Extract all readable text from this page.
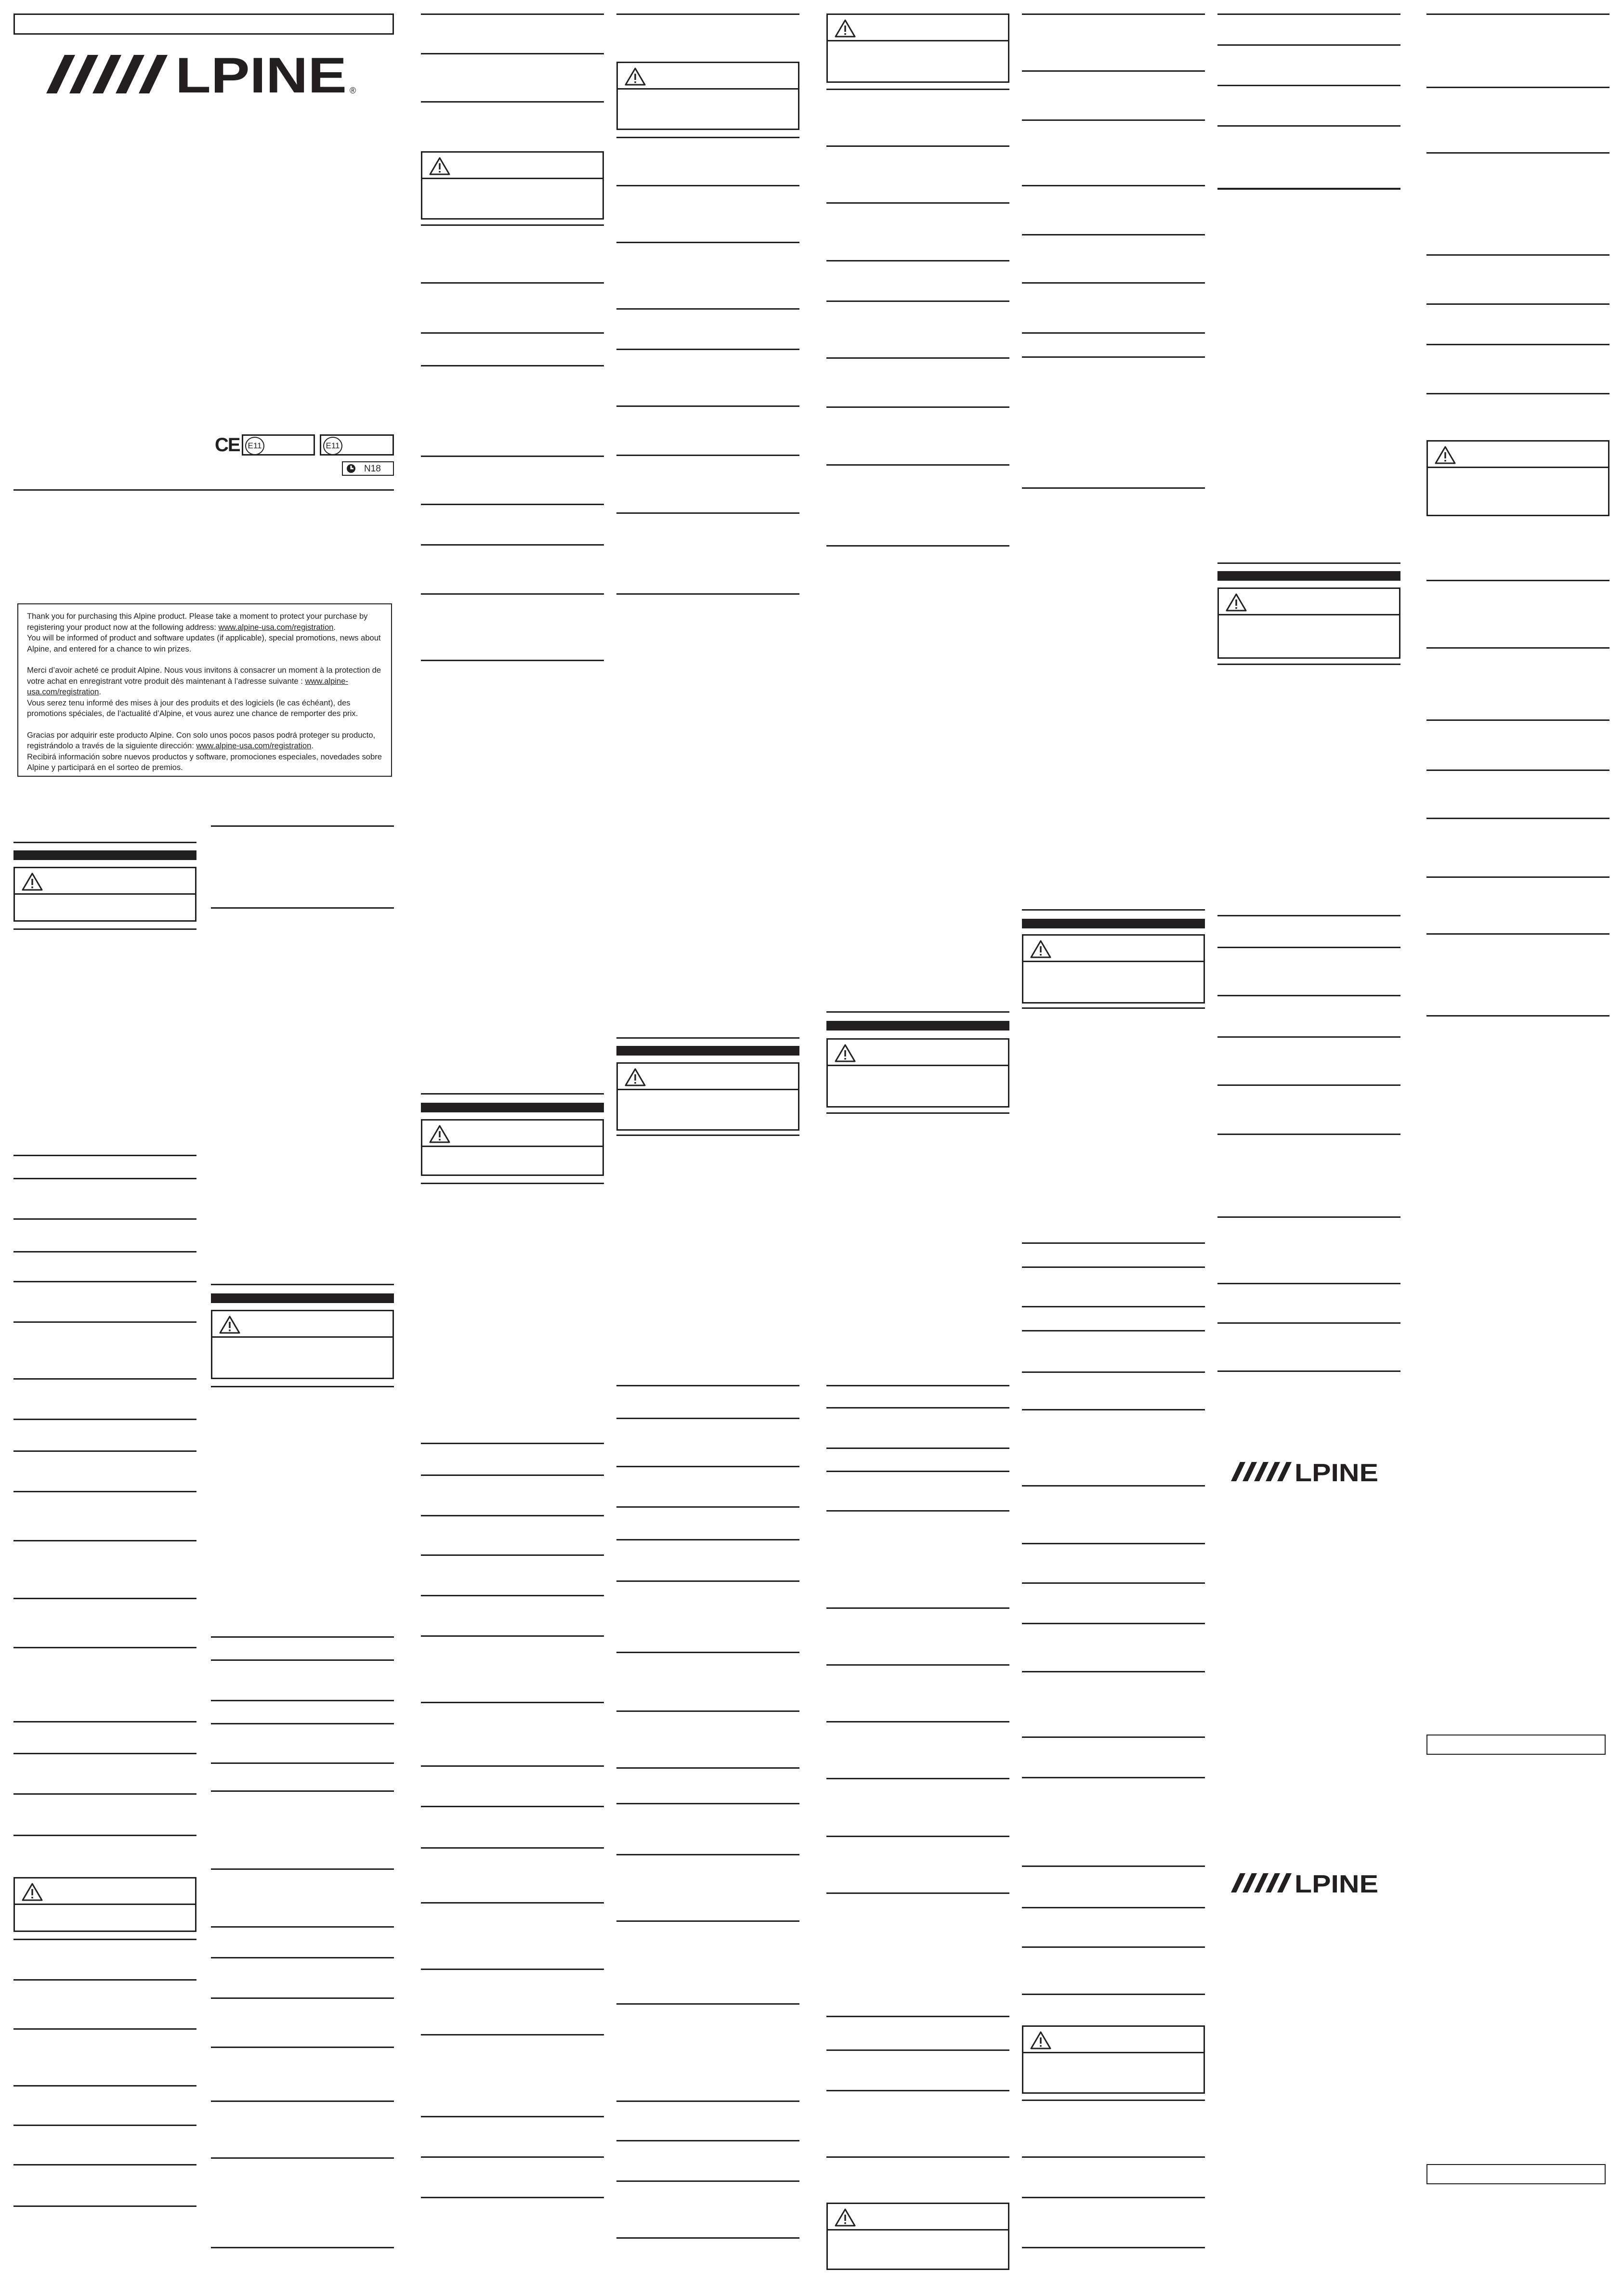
LPINE ®
CE E11	E11
N18

Thank you for purchasing this Alpine product. Please take a moment to protect your purchase by registering your product now at the following address: www.alpine-usa.com/registration.
You will be informed of product and software updates (if applicable), special promotions, news about Alpine, and entered for a chance to win prizes.

Merci d’avoir acheté ce produit Alpine. Nous vous invitons à consacrer un moment à la protection de votre achat en enregistrant votre produit dès maintenant à l’adresse suivante : www.alpine-usa.com/registration.
Vous serez tenu informé des mises à jour des produits et des logiciels (le cas échéant), des promotions spéciales, de l’actualité d’Alpine, et vous aurez une chance de remporter des prix.

Gracias por adquirir este producto Alpine. Con solo unos pocos pasos podrá proteger su producto, registrándolo a través de la siguiente dirección: www.alpine-usa.com/registration.
Recibirá información sobre nuevos productos y software, promociones especiales, novedades sobre Alpine y participará en el sorteo de premios.

LPINE
LPINE
